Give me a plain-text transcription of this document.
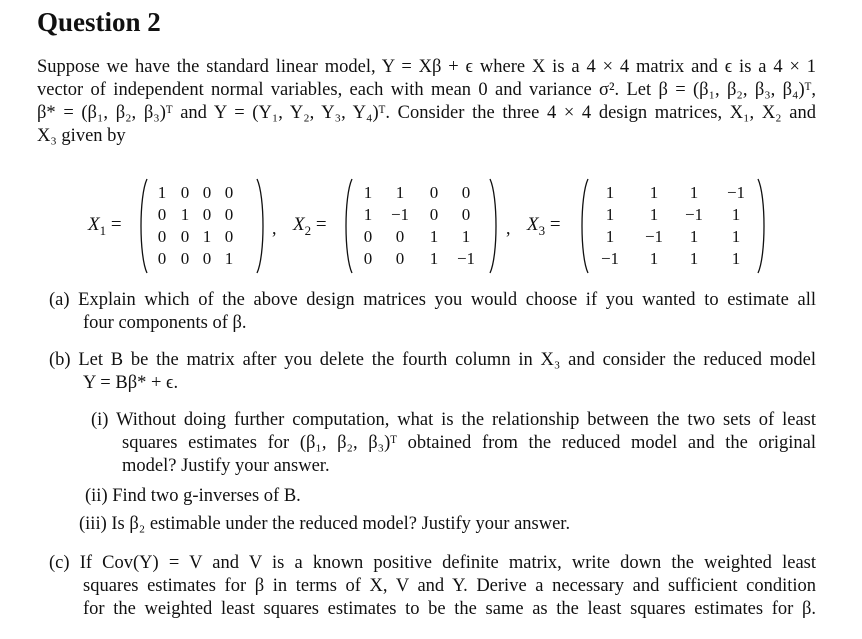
Question 2
Suppose we have the standard linear model, Y = Xβ + ϵ where X is a 4 × 4 matrix and ϵ is a 4 × 1
vector of independent normal variables, each with mean 0 and variance σ². Let β = (β₁, β₂, β₃, β₄)ᵀ,
β* = (β₁, β₂, β₃)ᵀ and Y = (Y₁, Y₂, Y₃, Y₄)ᵀ. Consider the three 4 × 4 design matrices, X₁, X₂ and
X₃ given by
$X_1$ =
1 0 0 0
0 1 0 0
0 0 1 0
0 0 0 1
, $X_2$ =
1	1	0	0
1	−1	0	0
0	0	1	1
0	0	1	−1
, $X_3$ =
1	1	1	−1
1	1	−1	1
1	−1	1	1
−1	1	1	1
(a) Explain which of the above design matrices you would choose if you wanted to estimate all
four components of β.
(b) Let B be the matrix after you delete the fourth column in X₃ and consider the reduced model
Y = Bβ* + ϵ.
(i) Without doing further computation, what is the relationship between the two sets of least
squares estimates for (β₁, β₂, β₃)ᵀ obtained from the reduced model and the original
model? Justify your answer.
(ii) Find two g-inverses of B.
(iii) Is β₂ estimable under the reduced model? Justify your answer.
(c) If Cov(Y) = V and V is a known positive definite matrix, write down the weighted least
squares estimates for β in terms of X, V and Y. Derive a necessary and sufficient condition
for the weighted least squares estimates to be the same as the least squares estimates for β.
